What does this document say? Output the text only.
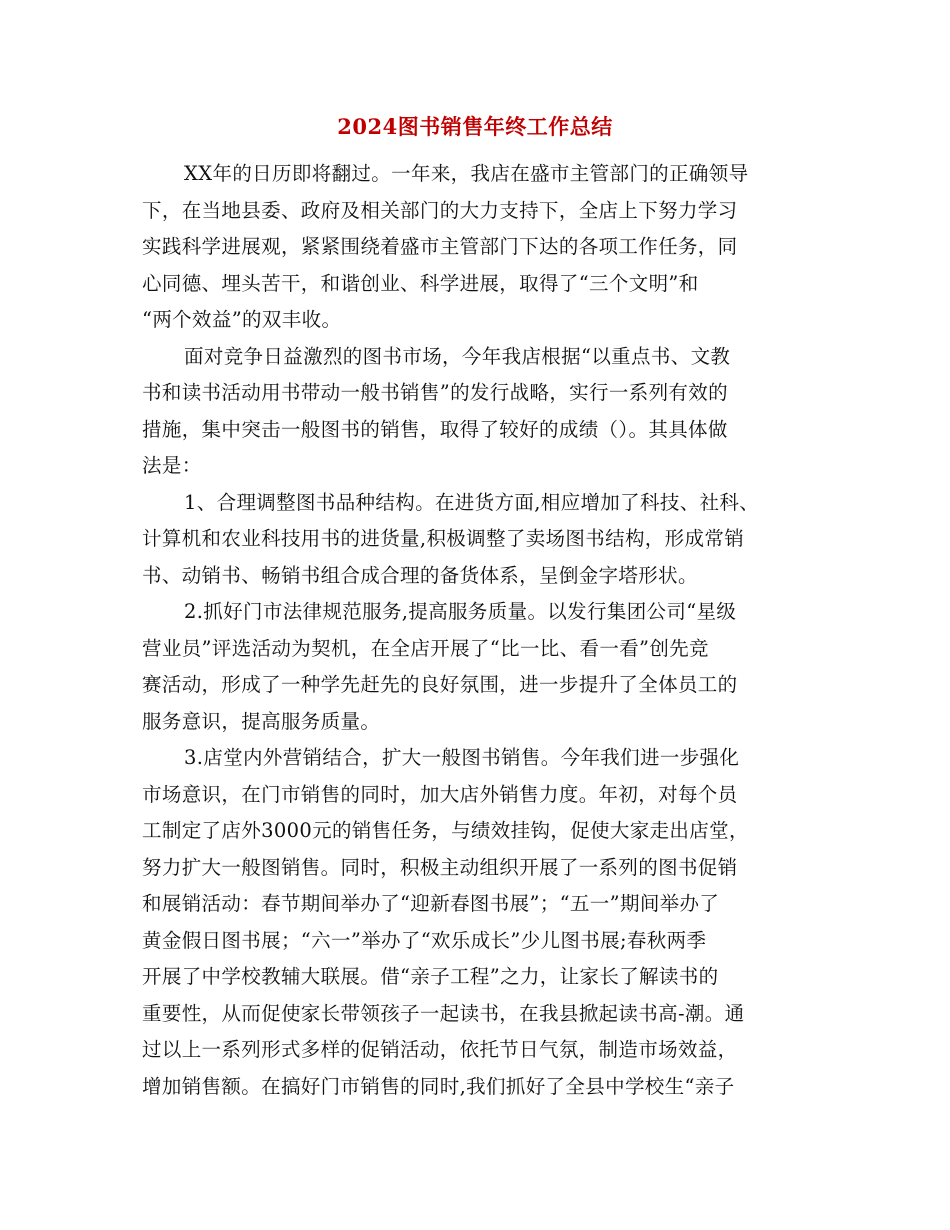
2024图书销售年终工作总结
XX年的日历即将翻过。一年来，我店在盛市主管部门的正确领导
下，在当地县委、政府及相关部门的大力支持下，全店上下努力学习
实践科学进展观，紧紧围绕着盛市主管部门下达的各项工作任务，同
心同德、埋头苦干，和谐创业、科学进展，取得了“三个文明”和
“两个效益”的双丰收。
面对竞争日益激烈的图书市场，今年我店根据“以重点书、文教
书和读书活动用书带动一般书销售”的发行战略，实行一系列有效的
措施，集中突击一般图书的销售，取得了较好的成绩（）。其具体做
法是：
1、合理调整图书品种结构。在进货方面,相应增加了科技、社科、
计算机和农业科技用书的进货量,积极调整了卖场图书结构，形成常销
书、动销书、畅销书组合成合理的备货体系，呈倒金字塔形状。
2.抓好门市法律规范服务,提高服务质量。以发行集团公司“星级
营业员”评选活动为契机，在全店开展了“比一比、看一看”创先竞
赛活动，形成了一种学先赶先的良好氛围，进一步提升了全体员工的
服务意识，提高服务质量。
3.店堂内外营销结合，扩大一般图书销售。今年我们进一步强化
市场意识，在门市销售的同时，加大店外销售力度。年初，对每个员
工制定了店外3000元的销售任务，与绩效挂钩，促使大家走出店堂，
努力扩大一般图销售。同时，积极主动组织开展了一系列的图书促销
和展销活动：春节期间举办了“迎新春图书展”；“五一”期间举办了
黄金假日图书展；“六一”举办了“欢乐成长”少儿图书展;春秋两季
开展了中学校教辅大联展。借“亲子工程”之力，让家长了解读书的
重要性，从而促使家长带领孩子一起读书，在我县掀起读书高-潮。通
过以上一系列形式多样的促销活动，依托节日气氛，制造市场效益，
增加销售额。在搞好门市销售的同时,我们抓好了全县中学校生“亲子
